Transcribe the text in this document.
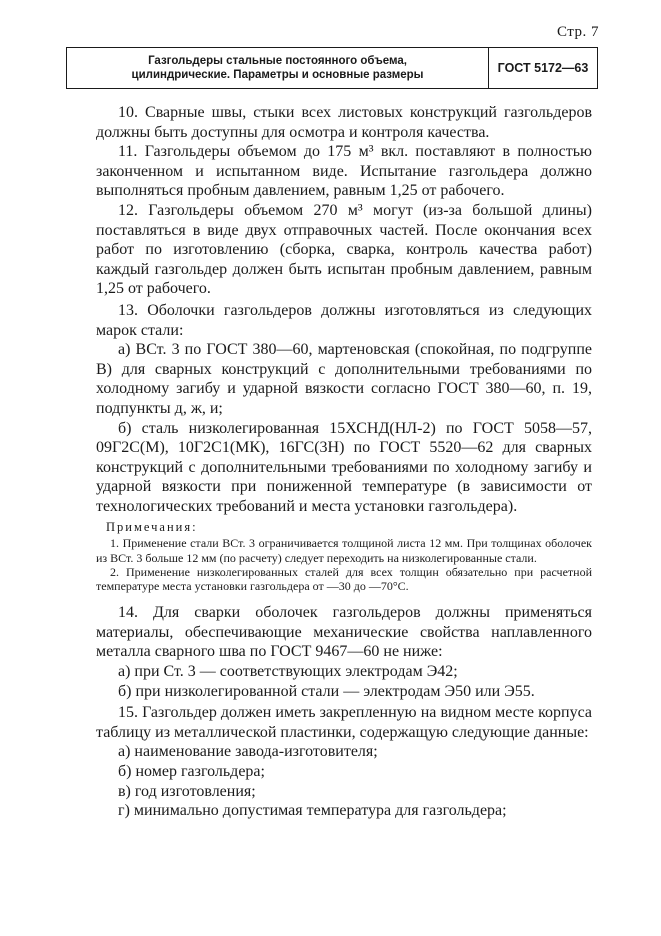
Стр. 7
Газгольдеры стальные постоянного объема,
цилиндрические. Параметры и основные размеры	ГОСТ 5172—63

10. Сварные швы, стыки всех листовых конструкций газгольдеров должны быть доступны для осмотра и контроля качества.

11. Газгольдеры объемом до 175 м³ вкл. поставляют в полностью законченном и испытанном виде. Испытание газгольдера должно выполняться пробным давлением, равным 1,25 от рабочего.

12. Газгольдеры объемом 270 м³ могут (из-за большой длины) поставляться в виде двух отправочных частей. После окончания всех работ по изготовлению (сборка, сварка, контроль качества работ) каждый газгольдер должен быть испытан пробным давлением, равным 1,25 от рабочего.

13. Оболочки газгольдеров должны изготовляться из следующих марок стали:

а) ВСт. 3 по ГОСТ 380—60, мартеновская (спокойная, по подгруппе В) для сварных конструкций с дополнительными требованиями по холодному загибу и ударной вязкости согласно ГОСТ 380—60, п. 19, подпункты д, ж, и;

б) сталь низколегированная 15ХСНД(НЛ-2) по ГОСТ 5058—57, 09Г2С(М), 10Г2С1(МК), 16ГС(3Н) по ГОСТ 5520—62 для сварных конструкций с дополнительными требованиями по холодному загибу и ударной вязкости при пониженной температуре (в зависимости от технологических требований и места установки газгольдера).

Примечания:

1. Применение стали ВСт. 3 ограничивается толщиной листа 12 мм. При толщинах оболочек из ВСт. 3 больше 12 мм (по расчету) следует переходить на низколегированные стали.

2. Применение низколегированных сталей для всех толщин обязательно при расчетной температуре места установки газгольдера от —30 до —70°С.

14. Для сварки оболочек газгольдеров должны применяться материалы, обеспечивающие механические свойства наплавленного металла сварного шва по ГОСТ 9467—60 не ниже:

а) при Ст. 3 — соответствующих электродам Э42;

б) при низколегированной стали — электродам Э50 или Э55.

15. Газгольдер должен иметь закрепленную на видном месте корпуса таблицу из металлической пластинки, содержащую следующие данные:

а) наименование завода-изготовителя;

б) номер газгольдера;

в) год изготовления;

г) минимально допустимая температура для газгольдера;
